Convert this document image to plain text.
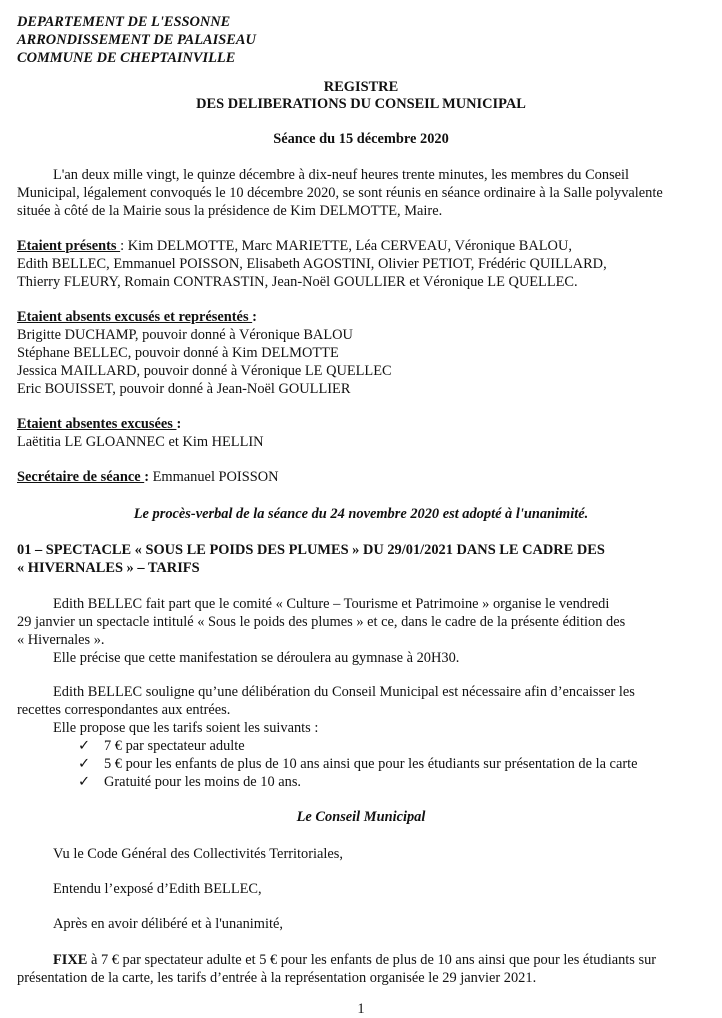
DEPARTEMENT DE L'ESSONNE
ARRONDISSEMENT DE PALAISEAU
COMMUNE DE CHEPTAINVILLE
REGISTRE
DES DELIBERATIONS DU CONSEIL MUNICIPAL
Séance du 15 décembre 2020
L'an deux mille vingt, le quinze décembre à dix-neuf heures trente minutes, les membres du Conseil
Municipal, légalement convoqués le 10 décembre 2020, se sont réunis en séance ordinaire à la Salle polyvalente
située à côté de la Mairie sous la présidence de Kim DELMOTTE, Maire.
Etaient présents : Kim DELMOTTE, Marc MARIETTE, Léa CERVEAU, Véronique BALOU,
Edith BELLEC, Emmanuel POISSON, Elisabeth AGOSTINI, Olivier PETIOT, Frédéric QUILLARD,
Thierry FLEURY, Romain CONTRASTIN, Jean-Noël GOULLIER et Véronique LE QUELLEC.
Etaient absents excusés et représentés :
Brigitte DUCHAMP, pouvoir donné à Véronique BALOU
Stéphane BELLEC, pouvoir donné à Kim DELMOTTE
Jessica MAILLARD, pouvoir donné à Véronique LE QUELLEC
Eric BOUISSET, pouvoir donné à Jean-Noël GOULLIER
Etaient absentes excusées :
Laëtitia LE GLOANNEC et Kim HELLIN
Secrétaire de séance : Emmanuel POISSON
Le procès-verbal de la séance du 24 novembre 2020 est adopté à l'unanimité.
01 – SPECTACLE « SOUS LE POIDS DES PLUMES » DU 29/01/2021 DANS LE CADRE DES
« HIVERNALES » – TARIFS
Edith BELLEC fait part que le comité « Culture – Tourisme et Patrimoine » organise le vendredi
29 janvier un spectacle intitulé « Sous le poids des plumes » et ce, dans le cadre de la présente édition des
« Hivernales ».
Elle précise que cette manifestation se déroulera au gymnase à 20H30.
Edith BELLEC souligne qu’une délibération du Conseil Municipal est nécessaire afin d’encaisser les
recettes correspondantes aux entrées.
Elle propose que les tarifs soient les suivants :
✓ 7 € par spectateur adulte
✓ 5 € pour les enfants de plus de 10 ans ainsi que pour les étudiants sur présentation de la carte
✓ Gratuité pour les moins de 10 ans.
Le Conseil Municipal
Vu le Code Général des Collectivités Territoriales,
Entendu l’exposé d’Edith BELLEC,
Après en avoir délibéré et à l'unanimité,
FIXE à 7 € par spectateur adulte et 5 € pour les enfants de plus de 10 ans ainsi que pour les étudiants sur
présentation de la carte, les tarifs d’entrée à la représentation organisée le 29 janvier 2021.
1
